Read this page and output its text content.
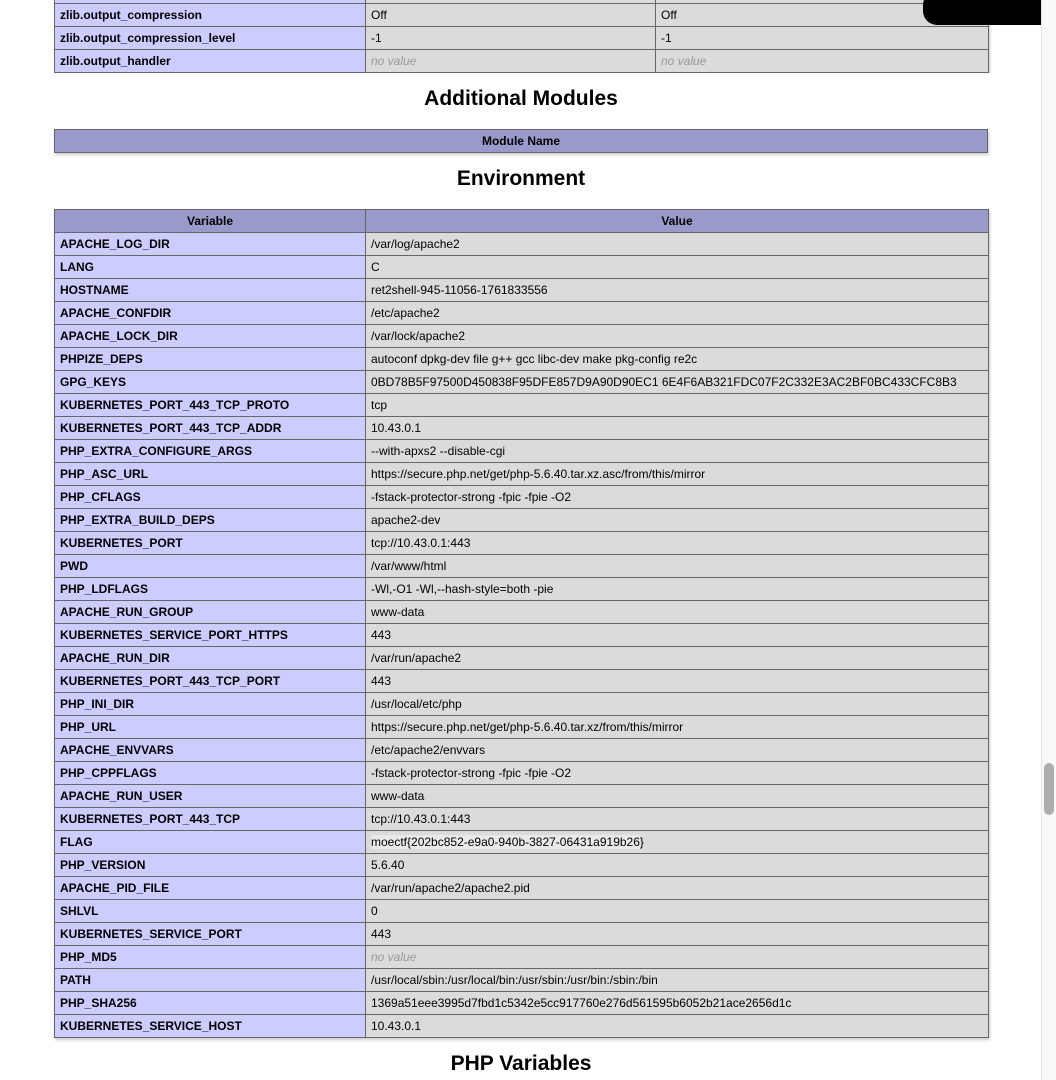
zlib.output_compression	Off	Off
zlib.output_compression_level	-1	-1
zlib.output_handler	no value	no value
Additional Modules
Module Name
Environment
Variable	Value
APACHE_LOG_DIR	/var/log/apache2
LANG	C
HOSTNAME	ret2shell-945-11056-1761833556
APACHE_CONFDIR	/etc/apache2
APACHE_LOCK_DIR	/var/lock/apache2
PHPIZE_DEPS	autoconf dpkg-dev file g++ gcc libc-dev make pkg-config re2c
GPG_KEYS	0BD78B5F97500D450838F95DFE857D9A90D90EC1 6E4F6AB321FDC07F2C332E3AC2BF0BC433CFC8B3
KUBERNETES_PORT_443_TCP_PROTO	tcp
KUBERNETES_PORT_443_TCP_ADDR	10.43.0.1
PHP_EXTRA_CONFIGURE_ARGS	--with-apxs2 --disable-cgi
PHP_ASC_URL	https://secure.php.net/get/php-5.6.40.tar.xz.asc/from/this/mirror
PHP_CFLAGS	-fstack-protector-strong -fpic -fpie -O2
PHP_EXTRA_BUILD_DEPS	apache2-dev
KUBERNETES_PORT	tcp://10.43.0.1:443
PWD	/var/www/html
PHP_LDFLAGS	-Wl,-O1 -Wl,--hash-style=both -pie
APACHE_RUN_GROUP	www-data
KUBERNETES_SERVICE_PORT_HTTPS	443
APACHE_RUN_DIR	/var/run/apache2
KUBERNETES_PORT_443_TCP_PORT	443
PHP_INI_DIR	/usr/local/etc/php
PHP_URL	https://secure.php.net/get/php-5.6.40.tar.xz/from/this/mirror
APACHE_ENVVARS	/etc/apache2/envvars
PHP_CPPFLAGS	-fstack-protector-strong -fpic -fpie -O2
APACHE_RUN_USER	www-data
KUBERNETES_PORT_443_TCP	tcp://10.43.0.1:443
FLAG	moectf{202bc852-e9a0-940b-3827-06431a919b26}
PHP_VERSION	5.6.40
APACHE_PID_FILE	/var/run/apache2/apache2.pid
SHLVL	0
KUBERNETES_SERVICE_PORT	443
PHP_MD5	no value
PATH	/usr/local/sbin:/usr/local/bin:/usr/sbin:/usr/bin:/sbin:/bin
PHP_SHA256	1369a51eee3995d7fbd1c5342e5cc917760e276d561595b6052b21ace2656d1c
KUBERNETES_SERVICE_HOST	10.43.0.1
PHP Variables
